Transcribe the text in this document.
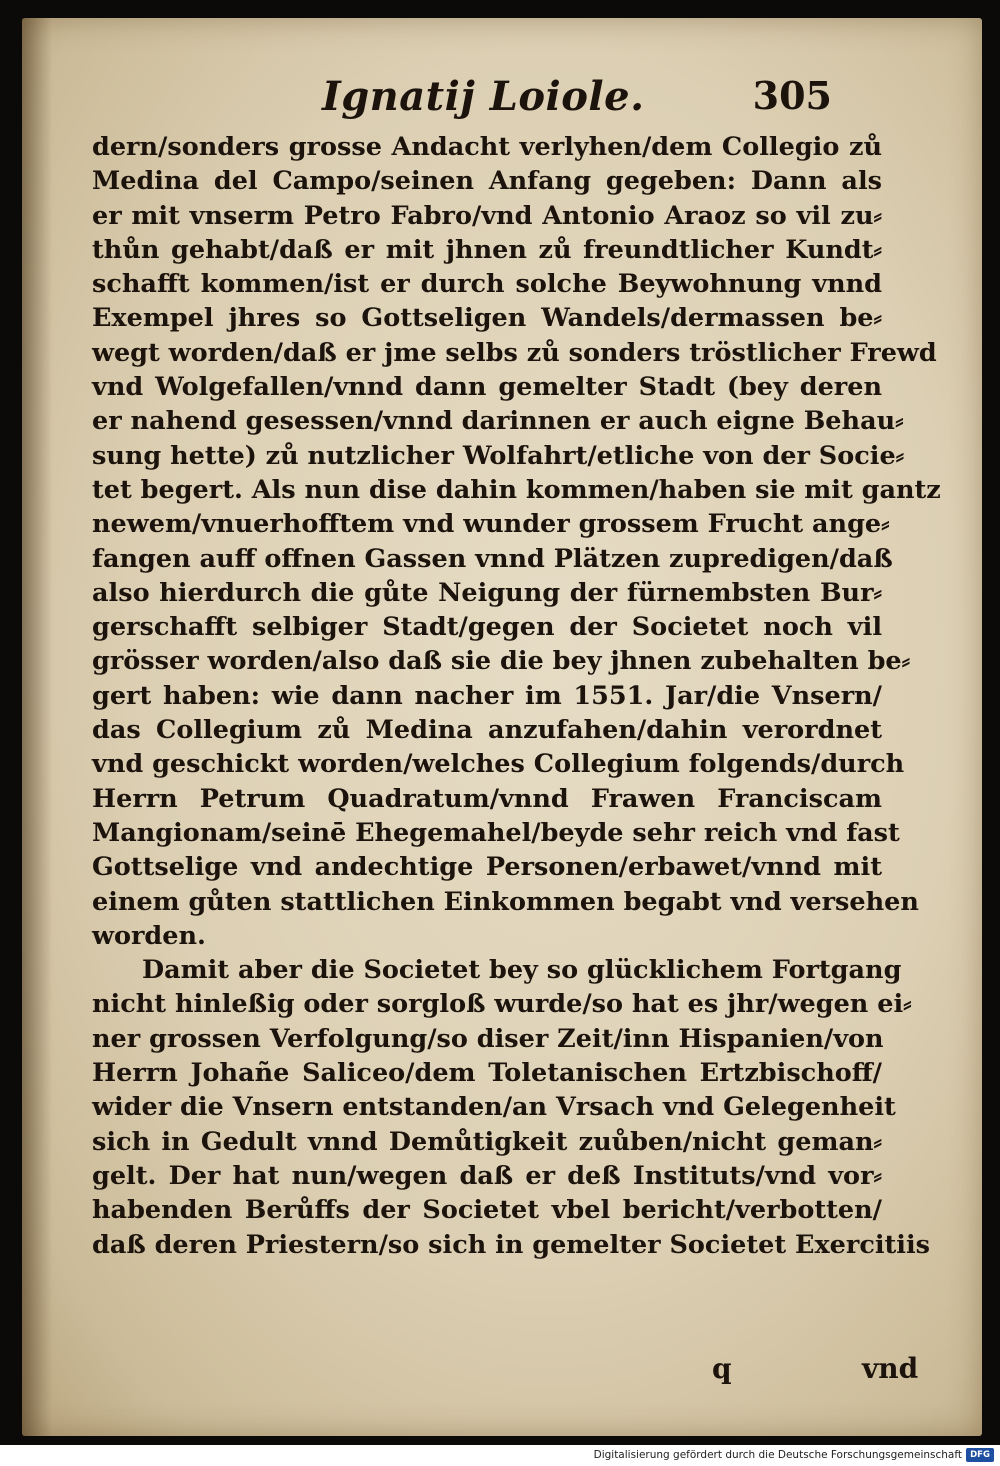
Ignatij Loiole.	305
dern/sonders grosse Andacht verlyhen/dem Collegio zů
Medina del Campo/seinen Anfang gegeben: Dann als
er mit vnserm Petro Fabro/vnd Antonio Araoz so vil zu⸗
thůn gehabt/daß er mit jhnen zů freundtlicher Kundt⸗
schafft kommen/ist er durch solche Beywohnung vnnd
Exempel jhres so Gottseligen Wandels/dermassen be⸗
wegt worden/daß er jme selbs zů sonders tröstlicher Frewd
vnd Wolgefallen/vnnd dann gemelter Stadt (bey deren
er nahend gesessen/vnnd darinnen er auch eigne Behau⸗
sung hette) zů nutzlicher Wolfahrt/etliche von der Socie⸗
tet begert. Als nun dise dahin kommen/haben sie mit gantz
newem/vnuerhofftem vnd wunder grossem Frucht ange⸗
fangen auff offnen Gassen vnnd Plätzen zupredigen/daß
also hierdurch die gůte Neigung der fürnembsten Bur⸗
gerschafft selbiger Stadt/gegen der Societet noch vil
grösser worden/also daß sie die bey jhnen zubehalten be⸗
gert haben: wie dann nacher im 1551. Jar/die Vnsern/
das Collegium zů Medina anzufahen/dahin verordnet
vnd geschickt worden/welches Collegium folgends/durch
Herrn Petrum Quadratum/vnnd Frawen Franciscam
Mangionam/seinē Ehegemahel/beyde sehr reich vnd fast
Gottselige vnd andechtige Personen/erbawet/vnnd mit
einem gůten stattlichen Einkommen begabt vnd versehen
worden.
Damit aber die Societet bey so glücklichem Fortgang
nicht hinleßig oder sorgloß wurde/so hat es jhr/wegen ei⸗
ner grossen Verfolgung/so diser Zeit/inn Hispanien/von
Herrn Johañe Saliceo/dem Toletanischen Ertzbischoff/
wider die Vnsern entstanden/an Vrsach vnd Gelegenheit
sich in Gedult vnnd Demůtigkeit zuůben/nicht geman⸗
gelt. Der hat nun/wegen daß er deß Instituts/vnd vor⸗
habenden Berůffs der Societet vbel bericht/verbotten/
daß deren Priestern/so sich in gemelter Societet Exercitiis
q	vnd
Digitalisierung gefördert durch die Deutsche Forschungsgemeinschaft DFG
